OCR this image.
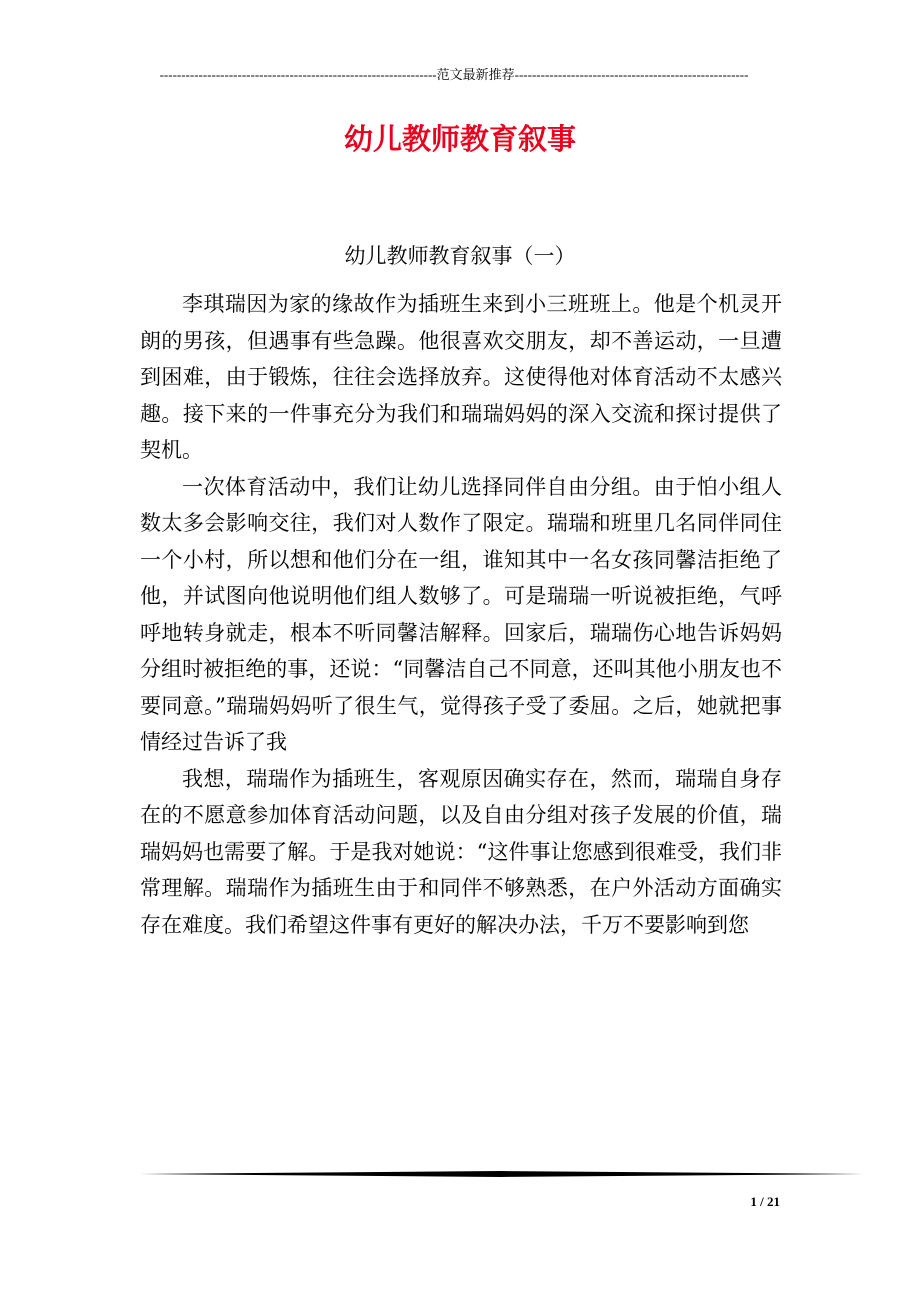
----------------------------------------------------------------范文最新推荐------------------------------------------------------
幼儿教师教育叙事
幼儿教师教育叙事（一）

李琪瑞因为家的缘故作为插班生来到小三班班上。他是个机灵开朗的男孩，但遇事有些急躁。他很喜欢交朋友，却不善运动，一旦遭到困难，由于锻炼，往往会选择放弃。这使得他对体育活动不太感兴趣。接下来的一件事充分为我们和瑞瑞妈妈的深入交流和探讨提供了契机。

一次体育活动中，我们让幼儿选择同伴自由分组。由于怕小组人数太多会影响交往，我们对人数作了限定。瑞瑞和班里几名同伴同住一个小村，所以想和他们分在一组，谁知其中一名女孩同馨洁拒绝了他，并试图向他说明他们组人数够了。可是瑞瑞一听说被拒绝，气呼呼地转身就走，根本不听同馨洁解释。回家后，瑞瑞伤心地告诉妈妈分组时被拒绝的事，还说：“同馨洁自己不同意，还叫其他小朋友也不要同意。”瑞瑞妈妈听了很生气，觉得孩子受了委屈。之后，她就把事情经过告诉了我

我想，瑞瑞作为插班生，客观原因确实存在，然而，瑞瑞自身存在的不愿意参加体育活动问题，以及自由分组对孩子发展的价值，瑞瑞妈妈也需要了解。于是我对她说：“这件事让您感到很难受，我们非常理解。瑞瑞作为插班生由于和同伴不够熟悉，在户外活动方面确实存在难度。我们希望这件事有更好的解决办法，千万不要影响到您

1 / 21
